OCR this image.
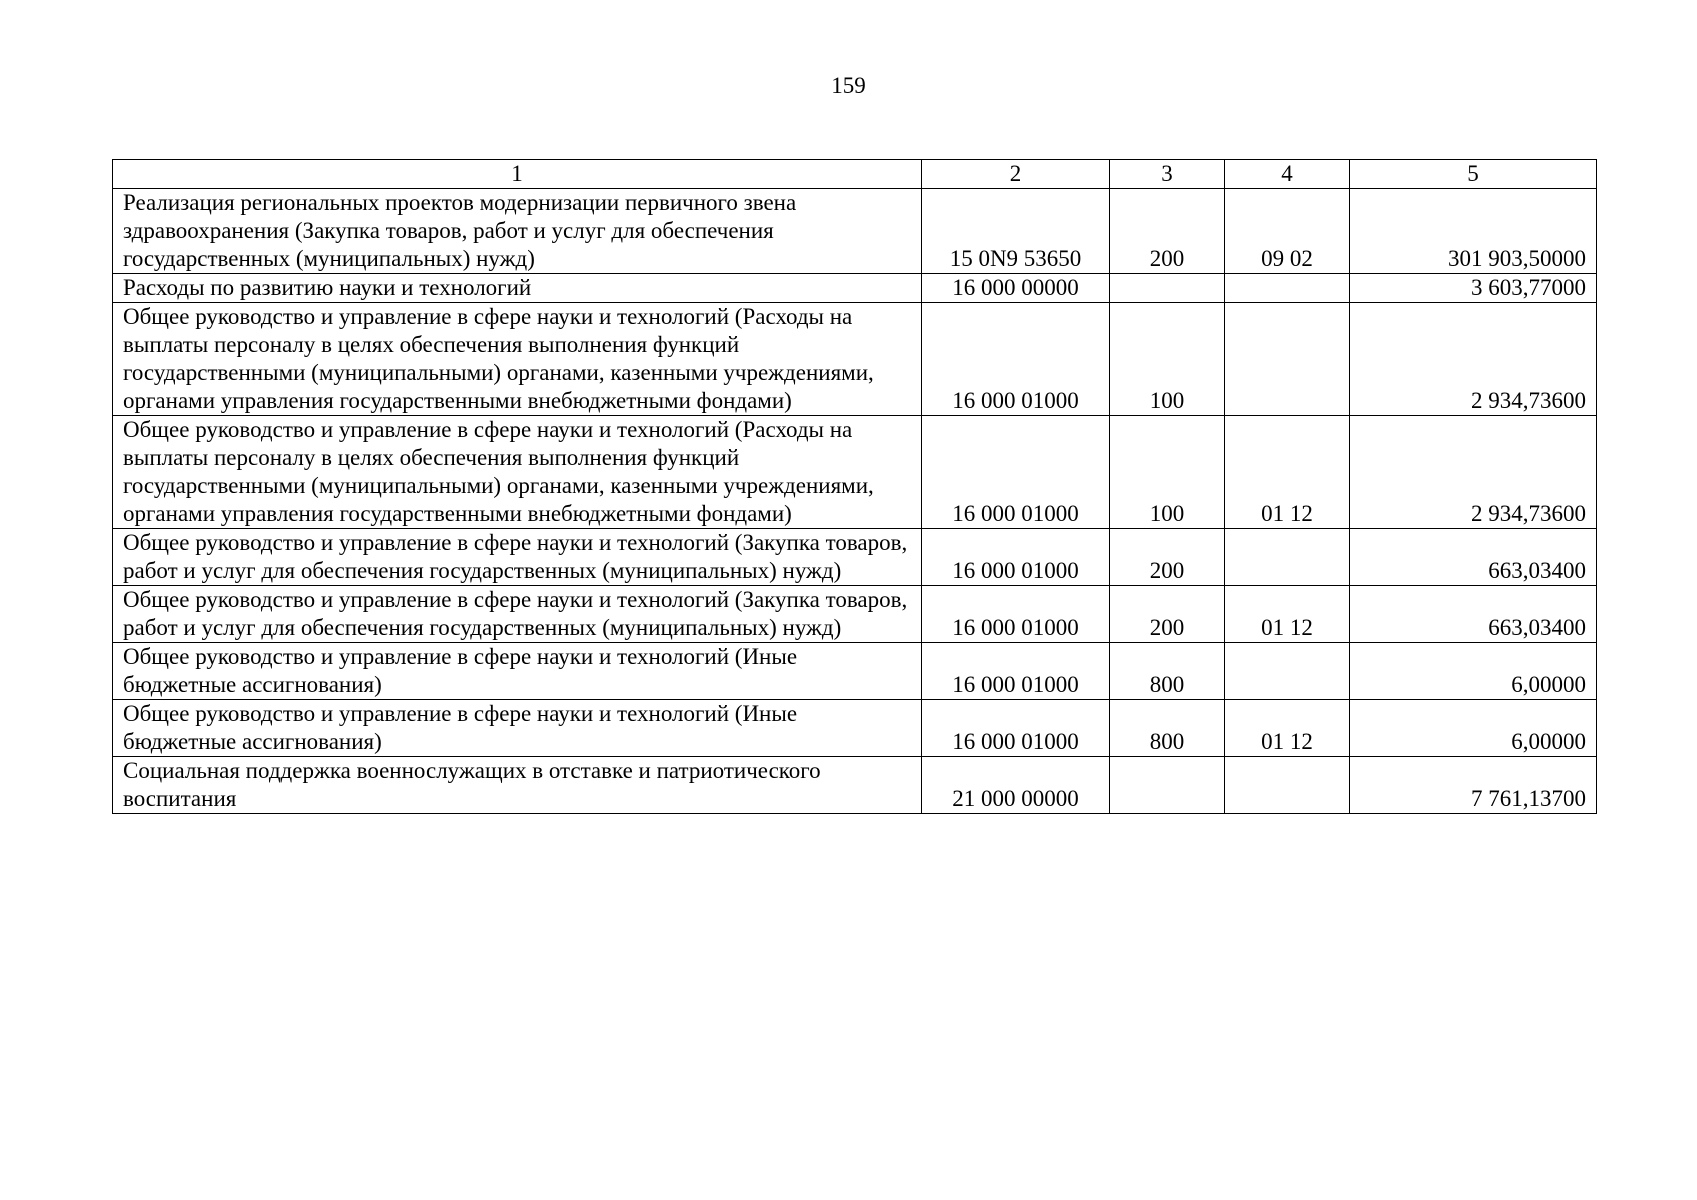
159
1	2	3	4	5
Реализация региональных проектов модернизации первичного звена здравоохранения (Закупка товаров, работ и услуг для обеспечения государственных (муниципальных) нужд)	15 0N9 53650	200	09 02	301 903,50000
Расходы по развитию науки и технологий	16 000 00000			3 603,77000
Общее руководство и управление в сфере науки и технологий (Расходы на выплаты персоналу в целях обеспечения выполнения функций государственными (муниципальными) органами, казенными учреждениями, органами управления государственными внебюджетными фондами)	16 000 01000	100		2 934,73600
Общее руководство и управление в сфере науки и технологий (Расходы на выплаты персоналу в целях обеспечения выполнения функций государственными (муниципальными) органами, казенными учреждениями, органами управления государственными внебюджетными фондами)	16 000 01000	100	01 12	2 934,73600
Общее руководство и управление в сфере науки и технологий (Закупка товаров, работ и услуг для обеспечения государственных (муниципальных) нужд)	16 000 01000	200		663,03400
Общее руководство и управление в сфере науки и технологий (Закупка товаров, работ и услуг для обеспечения государственных (муниципальных) нужд)	16 000 01000	200	01 12	663,03400
Общее руководство и управление в сфере науки и технологий (Иные бюджетные ассигнования)	16 000 01000	800		6,00000
Общее руководство и управление в сфере науки и технологий (Иные бюджетные ассигнования)	16 000 01000	800	01 12	6,00000
Социальная поддержка военнослужащих в отставке и патриотического воспитания	21 000 00000			7 761,13700
